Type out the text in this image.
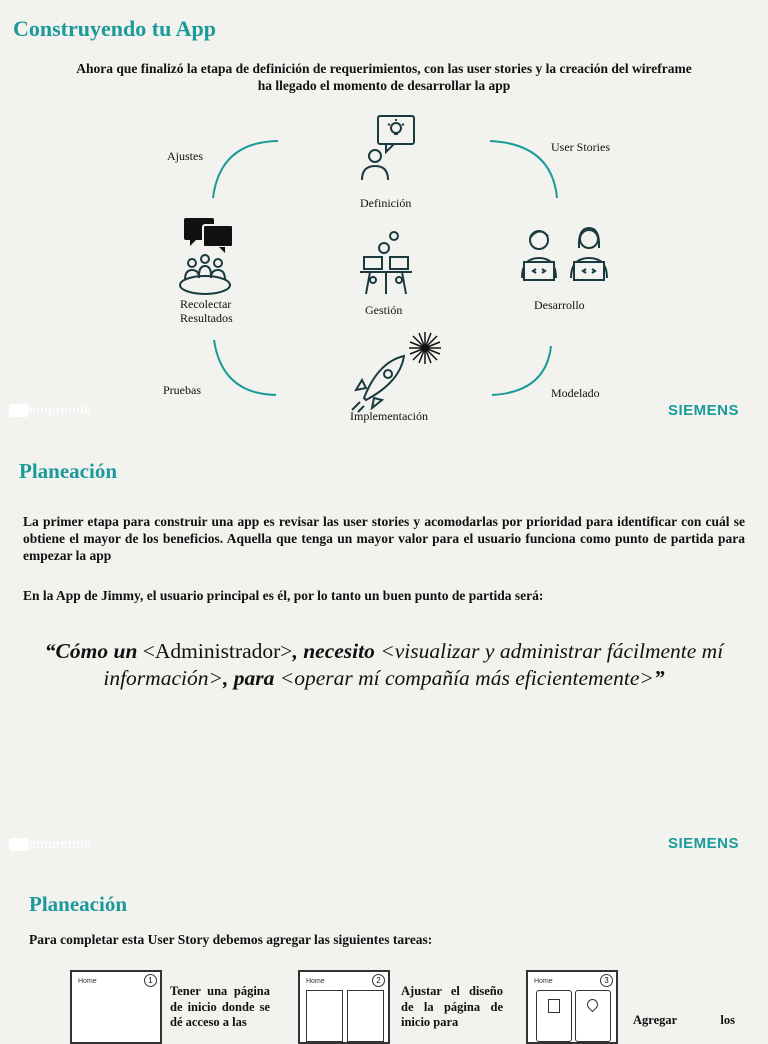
Construyendo tu App
Ahora que finalizó la etapa de definición de requerimientos, con las user stories y la creación del wireframe
ha llegado el momento de desarrollar la app
Ajustes
User Stories
Definición
Gestión
Recolectar
Resultados
Desarrollo
Pruebas	Modelado
Implementación
emprende	SIEMENS
Planeación
La primer etapa para construir una app es revisar las user stories y acomodarlas por prioridad para identificar con cuál se obtiene el mayor de los beneficios. Aquella que tenga un mayor valor para el usuario funciona como punto de partida para empezar la app
En la App de Jimmy, el usuario principal es él, por lo tanto un buen punto de partida será:
“Cómo un <Administrador>, necesito <visualizar y administrar fácilmente mí información>, para <operar mí compañía más eficientemente>”
emprende	SIEMENS
Planeación
Para completar esta User Story debemos agregar las siguientes tareas:
Home	1
Tener una página de inicio donde se dé acceso a las
Home	2
Ajustar el diseño de la página de inicio para
Home	3
Agregar los
